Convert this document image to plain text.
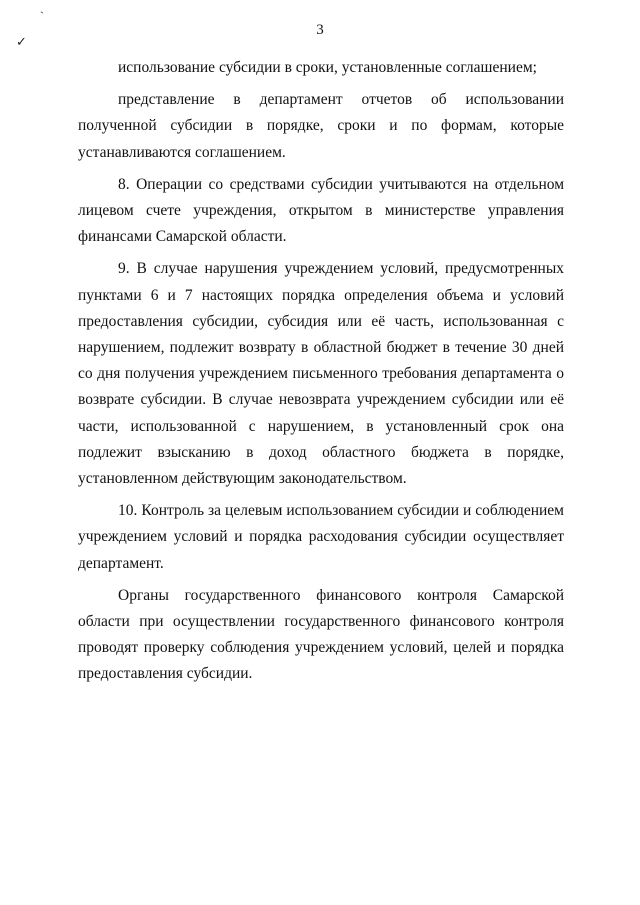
`
✓
3

использование субсидии в сроки, установленные соглашением;

представление в департамент отчетов об использовании полученной субсидии в порядке, сроки и по формам, которые устанавливаются соглашением.

8. Операции со средствами субсидии учитываются на отдельном лицевом счете учреждения, открытом в министерстве управления финансами Самарской области.

9. В случае нарушения учреждением условий, предусмотренных пунктами 6 и 7 настоящих порядка определения объема и условий предоставления субсидии, субсидия или её часть, использованная с нарушением, подлежит возврату в областной бюджет в течение 30 дней со дня получения учреждением письменного требования департамента о возврате субсидии. В случае невозврата учреждением субсидии или её части, использованной с нарушением, в установленный срок она подлежит взысканию в доход областного бюджета в порядке, установленном действующим законодательством.

10. Контроль за целевым использованием субсидии и соблюдением учреждением условий и порядка расходования субсидии осуществляет департамент.

Органы государственного финансового контроля Самарской области при осуществлении государственного финансового контроля проводят проверку соблюдения учреждением условий, целей и порядка предоставления субсидии.
